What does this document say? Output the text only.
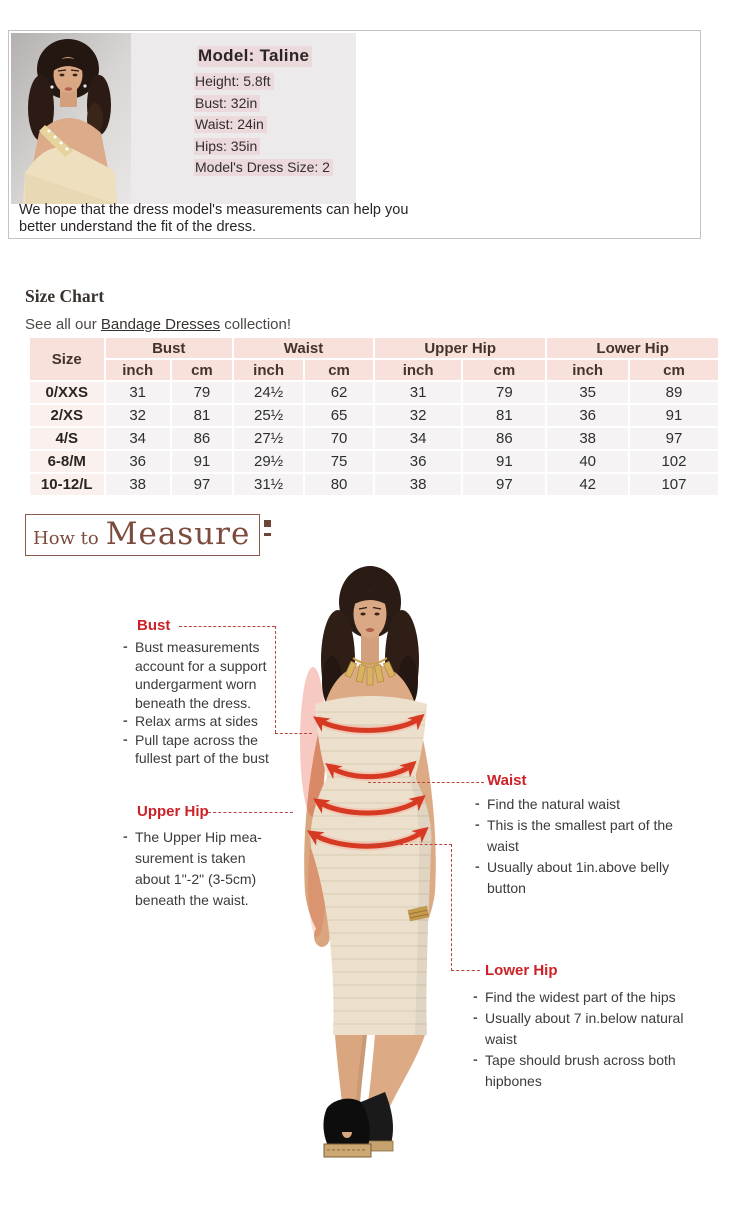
Model: Taline
Height: 5.8ft
Bust: 32in
Waist: 24in
Hips: 35in
Model's Dress Size: 2
We hope that the dress model's measurements can help you better understand the fit of the dress.
Size Chart
See all our Bandage Dresses collection!
Size	Bust		Waist		Upper Hip		Lower Hip	
	inch	cm	inch	cm	inch	cm	inch	cm
0/XXS	31	79	24½	62	31	79	35	89
2/XS	32	81	25½	65	32	81	36	91
4/S	34	86	27½	70	34	86	38	97
6-8/M	36	91	29½	75	36	91	40	102
10-12/L	38	97	31½	80	38	97	42	107
How to Measure
Bust
- Bust measurements account for a support undergarment worn beneath the dress.
- Relax arms at sides
- Pull tape across the fullest part of the bust
Upper Hip
- The Upper Hip mea-surement is taken about 1"-2" (3-5cm) beneath the waist.
Waist
- Find the natural waist
- This is the smallest part of the waist
- Usually about 1in.above belly button
Lower Hip
- Find the widest part of the hips
- Usually about 7 in.below natural waist
- Tape should brush across both hipbones
